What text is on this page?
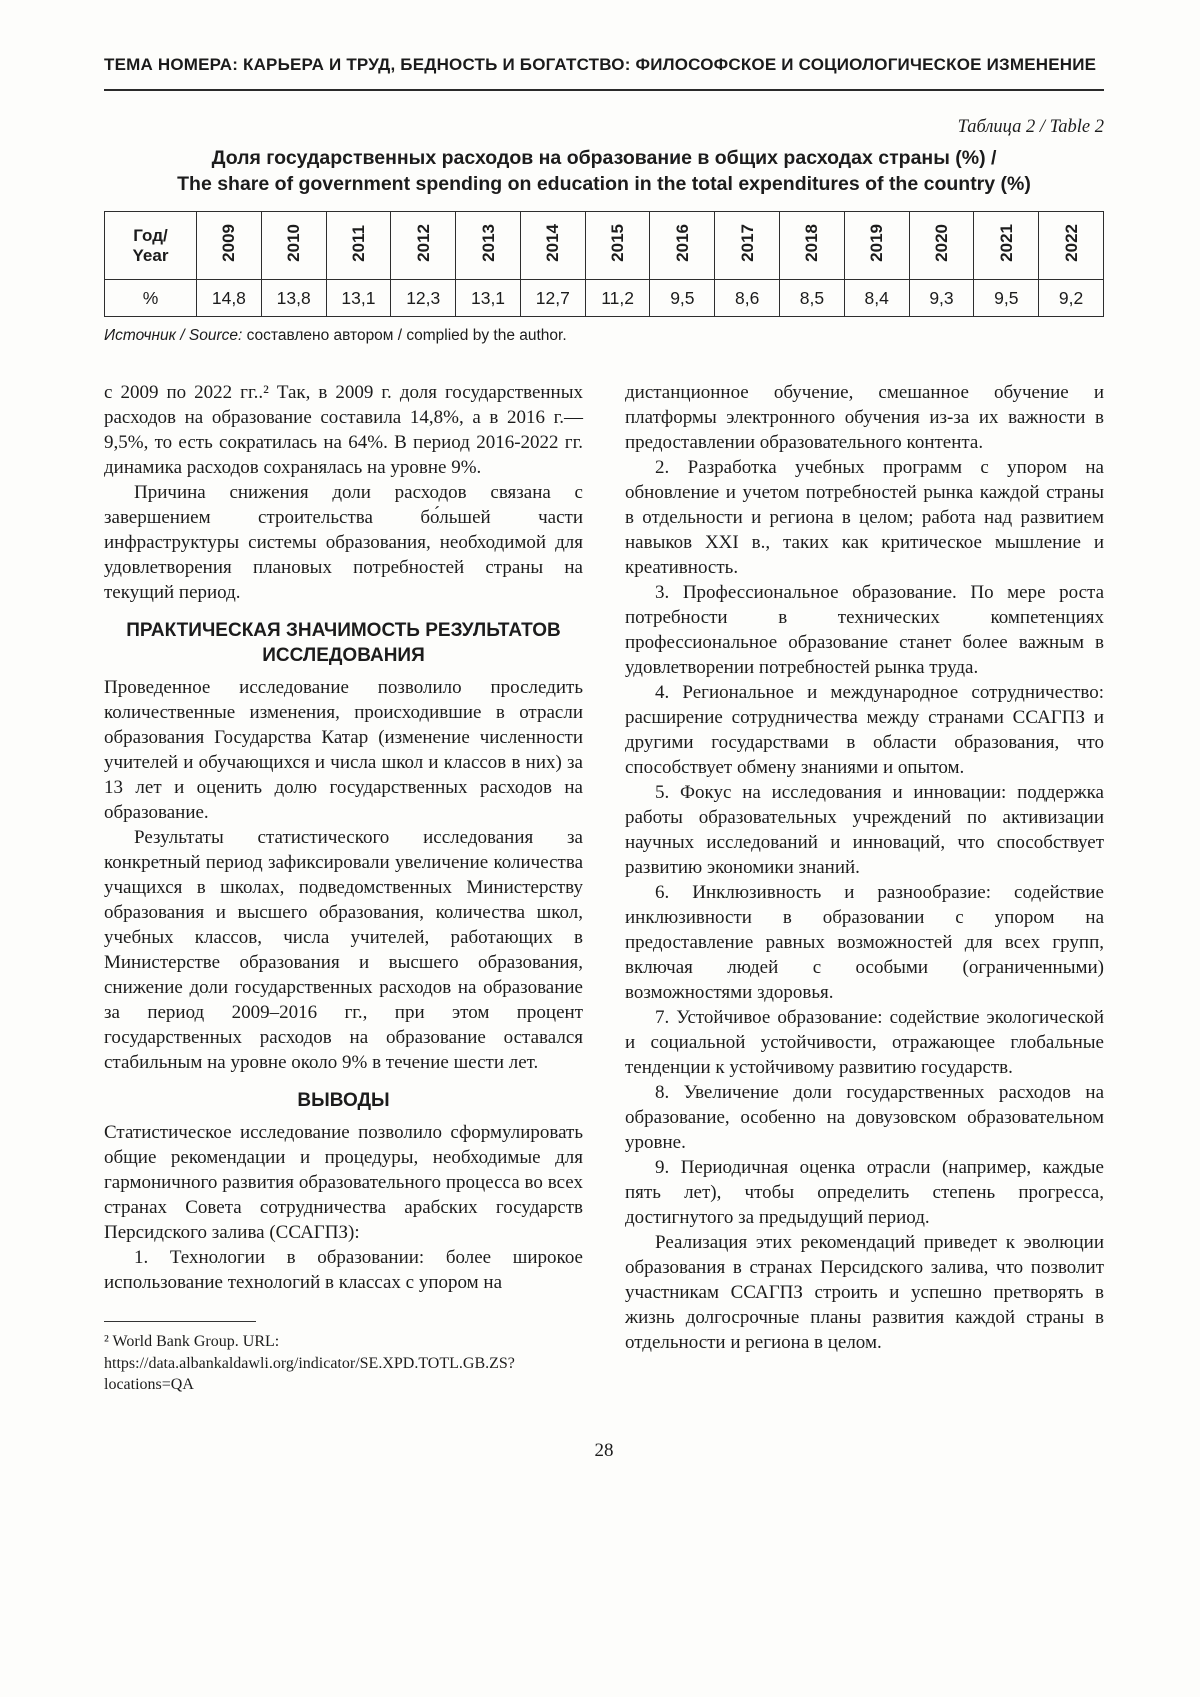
ТЕМА НОМЕРА: КАРЬЕРА И ТРУД, БЕДНОСТЬ И БОГАТСТВО: ФИЛОСОФСКОЕ И СОЦИОЛОГИЧЕСКОЕ ИЗМЕНЕНИЕ
Таблица 2 / Table 2
Доля государственных расходов на образование в общих расходах страны (%) /
The share of government spending on education in the total expenditures of the country (%)
Год/
Year	2009	2010	2011	2012	2013	2014	2015	2016	2017	2018	2019	2020	2021	2022
%	14,8	13,8	13,1	12,3	13,1	12,7	11,2	9,5	8,6	8,5	8,4	9,3	9,5	9,2
Источник / Source: составлено автором / complied by the author.

с 2009 по 2022 гг..² Так, в 2009 г. доля государственных расходов на образование составила 14,8%, а в 2016 г.— 9,5%, то есть сократилась на 64%. В период 2016-2022 гг. динамика расходов сохранялась на уровне 9%.

Причина снижения доли расходов связана с завершением строительства бо́льшей части инфраструктуры системы образования, необходимой для удовлетворения плановых потребностей страны на текущий период.

ПРАКТИЧЕСКАЯ ЗНАЧИМОСТЬ РЕЗУЛЬТАТОВ ИССЛЕДОВАНИЯ

Проведенное исследование позволило проследить количественные изменения, происходившие в отрасли образования Государства Катар (изменение численности учителей и обучающихся и числа школ и классов в них) за 13 лет и оценить долю государственных расходов на образование.

Результаты статистического исследования за конкретный период зафиксировали увеличение количества учащихся в школах, подведомственных Министерству образования и высшего образования, количества школ, учебных классов, числа учителей, работающих в Министерстве образования и высшего образования, снижение доли государственных расходов на образование за период 2009–2016 гг., при этом процент государственных расходов на образование оставался стабильным на уровне около 9% в течение шести лет.

ВЫВОДЫ

Статистическое исследование позволило сформулировать общие рекомендации и процедуры, необходимые для гармоничного развития образовательного процесса во всех странах Совета сотрудничества арабских государств Персидского залива (ССАГПЗ):

1. Технологии в образовании: более широкое использование технологий в классах с упором на

² World Bank Group. URL: https://data.albankaldawli.org/indicator/SE.XPD.TOTL.GB.ZS?locations=QA

дистанционное обучение, смешанное обучение и платформы электронного обучения из-за их важности в предоставлении образовательного контента.

2. Разработка учебных программ с упором на обновление и учетом потребностей рынка каждой страны в отдельности и региона в целом; работа над развитием навыков XXI в., таких как критическое мышление и креативность.

3. Профессиональное образование. По мере роста потребности в технических компетенциях профессиональное образование станет более важным в удовлетворении потребностей рынка труда.

4. Региональное и международное сотрудничество: расширение сотрудничества между странами ССАГПЗ и другими государствами в области образования, что способствует обмену знаниями и опытом.

5. Фокус на исследования и инновации: поддержка работы образовательных учреждений по активизации научных исследований и инноваций, что способствует развитию экономики знаний.

6. Инклюзивность и разнообразие: содействие инклюзивности в образовании с упором на предоставление равных возможностей для всех групп, включая людей с особыми (ограниченными) возможностями здоровья.

7. Устойчивое образование: содействие экологической и социальной устойчивости, отражающее глобальные тенденции к устойчивому развитию государств.

8. Увеличение доли государственных расходов на образование, особенно на довузовском образовательном уровне.

9. Периодичная оценка отрасли (например, каждые пять лет), чтобы определить степень прогресса, достигнутого за предыдущий период.

Реализация этих рекомендаций приведет к эволюции образования в странах Персидского залива, что позволит участникам ССАГПЗ строить и успешно претворять в жизнь долгосрочные планы развития каждой страны в отдельности и региона в целом.

28
